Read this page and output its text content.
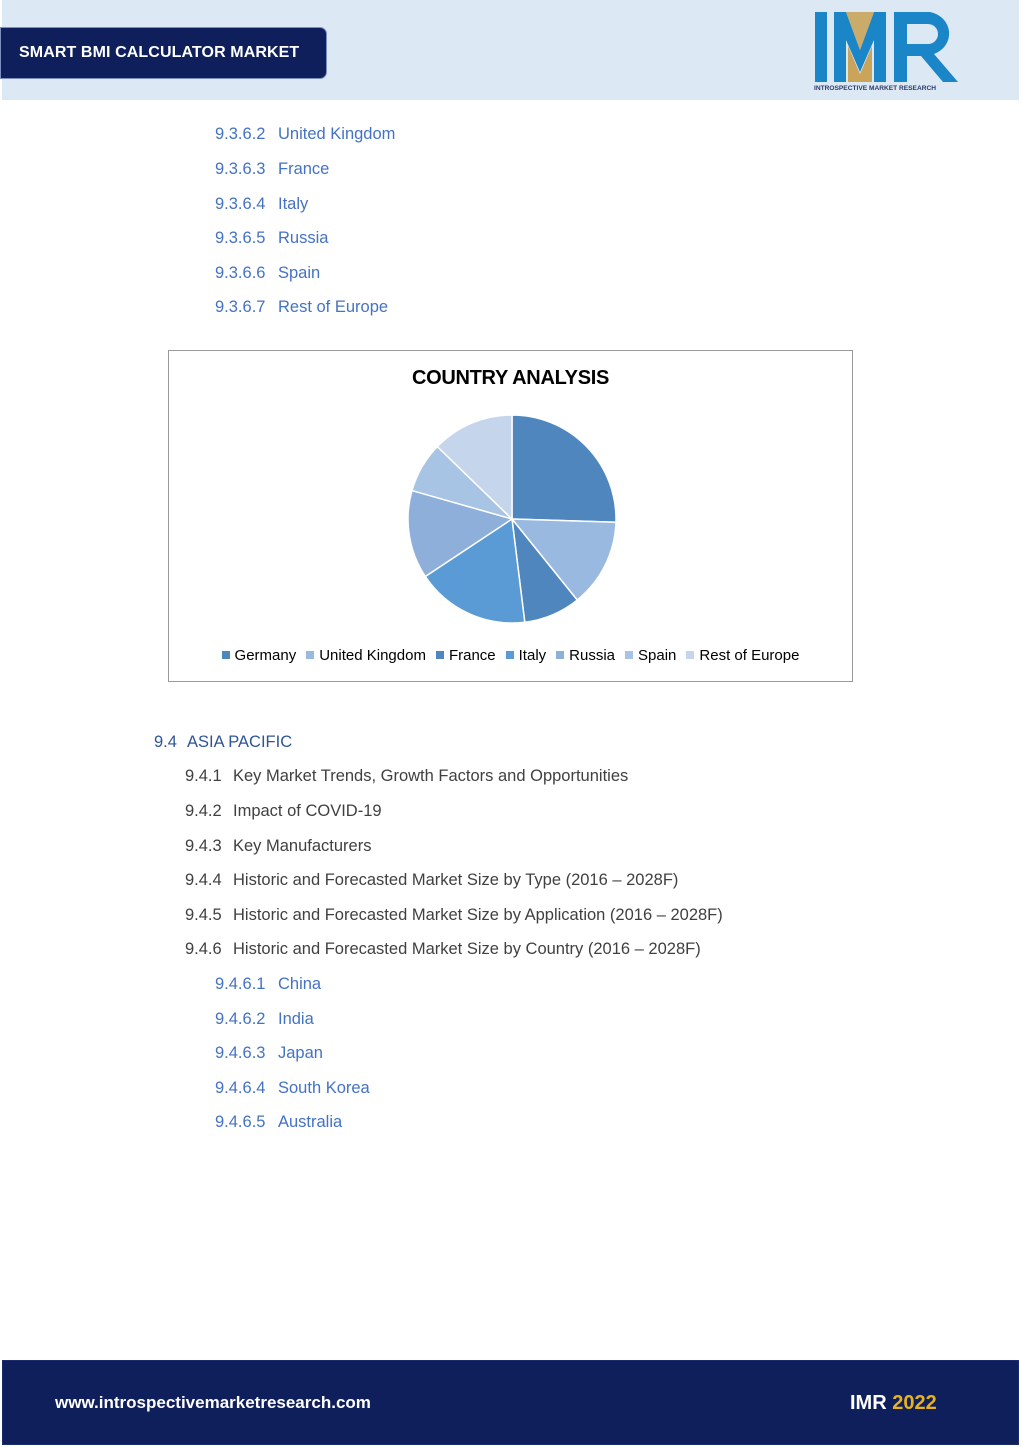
SMART BMI CALCULATOR MARKET
INTROSPECTIVE MARKET RESEARCH
9.3.6.2 United Kingdom
9.3.6.3 France
9.3.6.4 Italy
9.3.6.5 Russia
9.3.6.6 Spain
9.3.6.7 Rest of Europe
COUNTRY ANALYSIS
Germany United Kingdom France Italy Russia Spain Rest of Europe
9.4 ASIA PACIFIC
9.4.1 Key Market Trends, Growth Factors and Opportunities
9.4.2 Impact of COVID-19
9.4.3 Key Manufacturers
9.4.4 Historic and Forecasted Market Size by Type (2016 – 2028F)
9.4.5 Historic and Forecasted Market Size by Application (2016 – 2028F)
9.4.6 Historic and Forecasted Market Size by Country (2016 – 2028F)
9.4.6.1 China
9.4.6.2 India
9.4.6.3 Japan
9.4.6.4 South Korea
9.4.6.5 Australia
www.introspectivemarketresearch.com	IMR 2022
